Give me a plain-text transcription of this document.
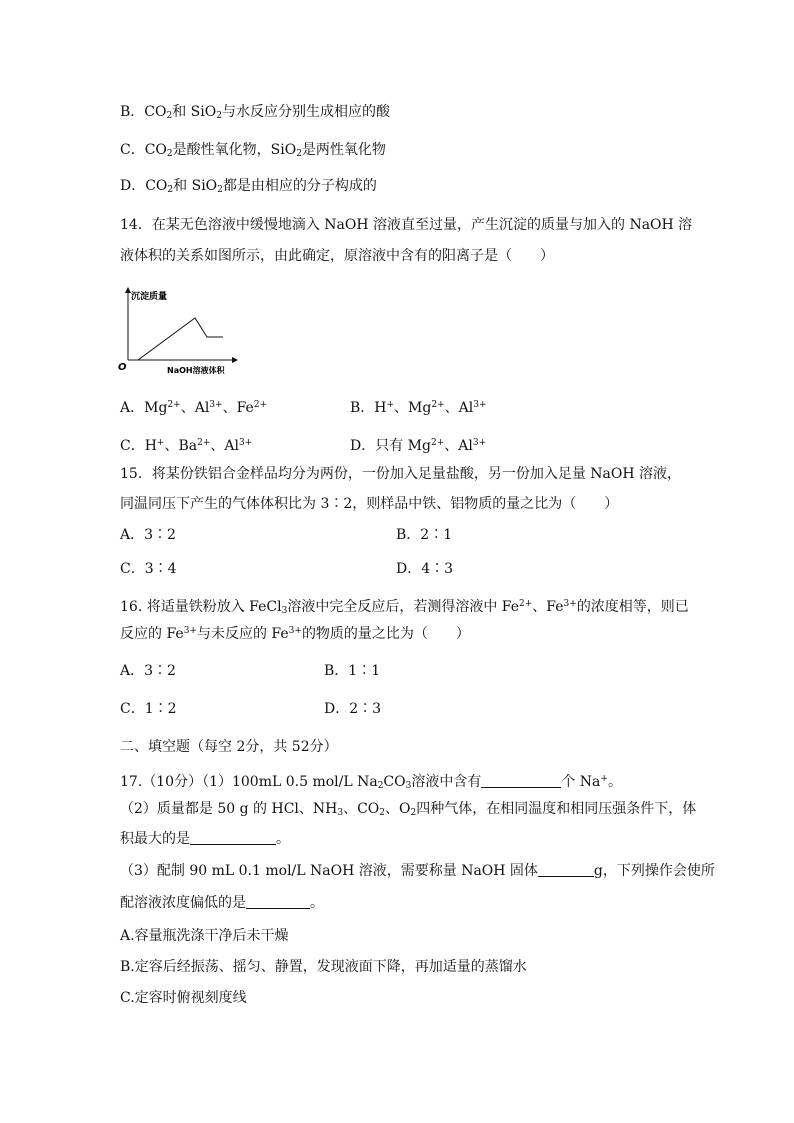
B．$CO_2$和 SiO$_2$与水反应分别生成相应的酸
C．$CO_2$是酸性氧化物，SiO$_2$是两性氧化物
D．$CO_2$和 SiO$_2$都是由相应的分子构成的
14．在某无色溶液中缓慢地滴入 NaOH 溶液直至过量，产生沉淀的质量与加入的 NaOH 溶
液体积的关系如图所示，由此确定，原溶液中含有的阳离子是（　　）
沉淀质量
NaOH溶液体积
O
A．$Mg^{2+}$、$Al^{3+}$、$Fe^{2+}$	B．H+、$Mg^{2+}$、$Al^{3+}$
C．H+、$Ba^{2+}$、$Al^{3+}$	D．只有 $Mg^{2+}$、$Al^{3+}$
15．将某份铁铝合金样品均分为两份，一份加入足量盐酸，另一份加入足量 NaOH 溶液，
同温同压下产生的气体体积比为 3∶2，则样品中铁、铝物质的量之比为（　　）
A．3∶2	B．2∶1
C．3∶4	D．4∶3
16. 将适量铁粉放入 FeCl$_3$溶液中完全反应后，若测得溶液中 $Fe^{2+}$、$Fe^{3+}$的浓度相等，则已
反应的 $Fe^{3+}$与未反应的 $Fe^{3+}$的物质的量之比为（　　）
A．3∶2	B．1∶1
C．1∶2	D．2∶3
二、填空题（每空 2分，共 52分）
17.（10分）（1）100mL 0.5 mol/L $Na_2CO_3$溶液中含有	个 Na+。
（2）质量都是 50 g 的 HCl、$NH_3$、$CO_2$、$O_2$四种气体，在相同温度和相同压强条件下，体
积最大的是	。
（3）配制 90 mL 0.1 mol/L NaOH 溶液，需要称量 NaOH 固体	g，下列操作会使所
配溶液浓度偏低的是	。
A.容量瓶洗涤干净后未干燥
B.定容后经振荡、摇匀、静置，发现液面下降，再加适量的蒸馏水
C.定容时俯视刻度线
